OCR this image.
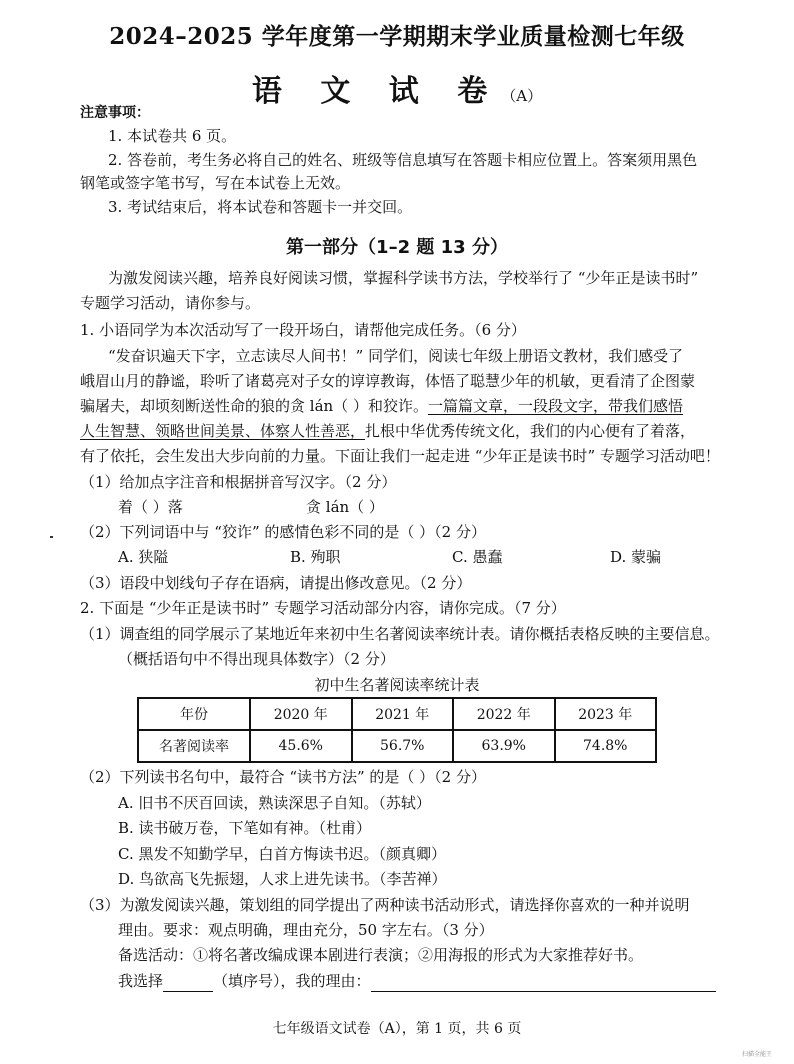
2024–2025 学年度第一学期期末学业质量检测七年级
语 文 试 卷（A）
注意事项：
1. 本试卷共 6 页。
2. 答卷前，考生务必将自己的姓名、班级等信息填写在答题卡相应位置上。答案须用黑色
钢笔或签字笔书写，写在本试卷上无效。
3. 考试结束后，将本试卷和答题卡一并交回。
第一部分（1–2 题 13 分）
为激发阅读兴趣，培养良好阅读习惯，掌握科学读书方法，学校举行了 “少年正是读书时”
专题学习活动，请你参与。
1. 小语同学为本次活动写了一段开场白，请帮他完成任务。（6 分）
“发奋识遍天下字，立志读尽人间书！” 同学们，阅读七年级上册语文教材，我们感受了
峨眉山月的静谧，聆听了诸葛亮对子女的谆谆教诲，体悟了聪慧少年的机敏，更看清了企图蒙
骗屠夫，却顷刻断送性命的狼的贪 lán（ ）和狡诈。一篇篇文章，一段段文字，带我们感悟
人生智慧、领略世间美景、体察人性善恶，扎根中华优秀传统文化，我们的内心便有了着落，
有了依托，会生发出大步向前的力量。下面让我们一起走进 “少年正是读书时” 专题学习活动吧！
（1）给加点字注音和根据拼音写汉字。（2 分）
着（ ）落	贪 lán（ ）
（2）下列词语中与 “狡诈” 的感情色彩不同的是（ ）（2 分）
A. 狭隘	B. 殉职	C. 愚蠢	D. 蒙骗
（3）语段中划线句子存在语病，请提出修改意见。（2 分）
2. 下面是 “少年正是读书时” 专题学习活动部分内容，请你完成。（7 分）
（1）调查组的同学展示了某地近年来初中生名著阅读率统计表。请你概括表格反映的主要信息。
（概括语句中不得出现具体数字）（2 分）
初中生名著阅读率统计表
年份	2020 年	2021 年	2022 年	2023 年
名著阅读率	45.6%	56.7%	63.9%	74.8%
（2）下列读书名句中，最符合 “读书方法” 的是（ ）（2 分）
A. 旧书不厌百回读，熟读深思子自知。（苏轼）
B. 读书破万卷，下笔如有神。（杜甫）
C. 黑发不知勤学早，白首方悔读书迟。（颜真卿）
D. 鸟欲高飞先振翅，人求上进先读书。（李苦禅）
（3）为激发阅读兴趣，策划组的同学提出了两种读书活动形式，请选择你喜欢的一种并说明
理由。要求：观点明确，理由充分，50 字左右。（3 分）
备选活动：①将名著改编成课本剧进行表演；②用海报的形式为大家推荐好书。
我选择	（填序号），我的理由：
七年级语文试卷（A），第 1 页，共 6 页
扫描全能王
